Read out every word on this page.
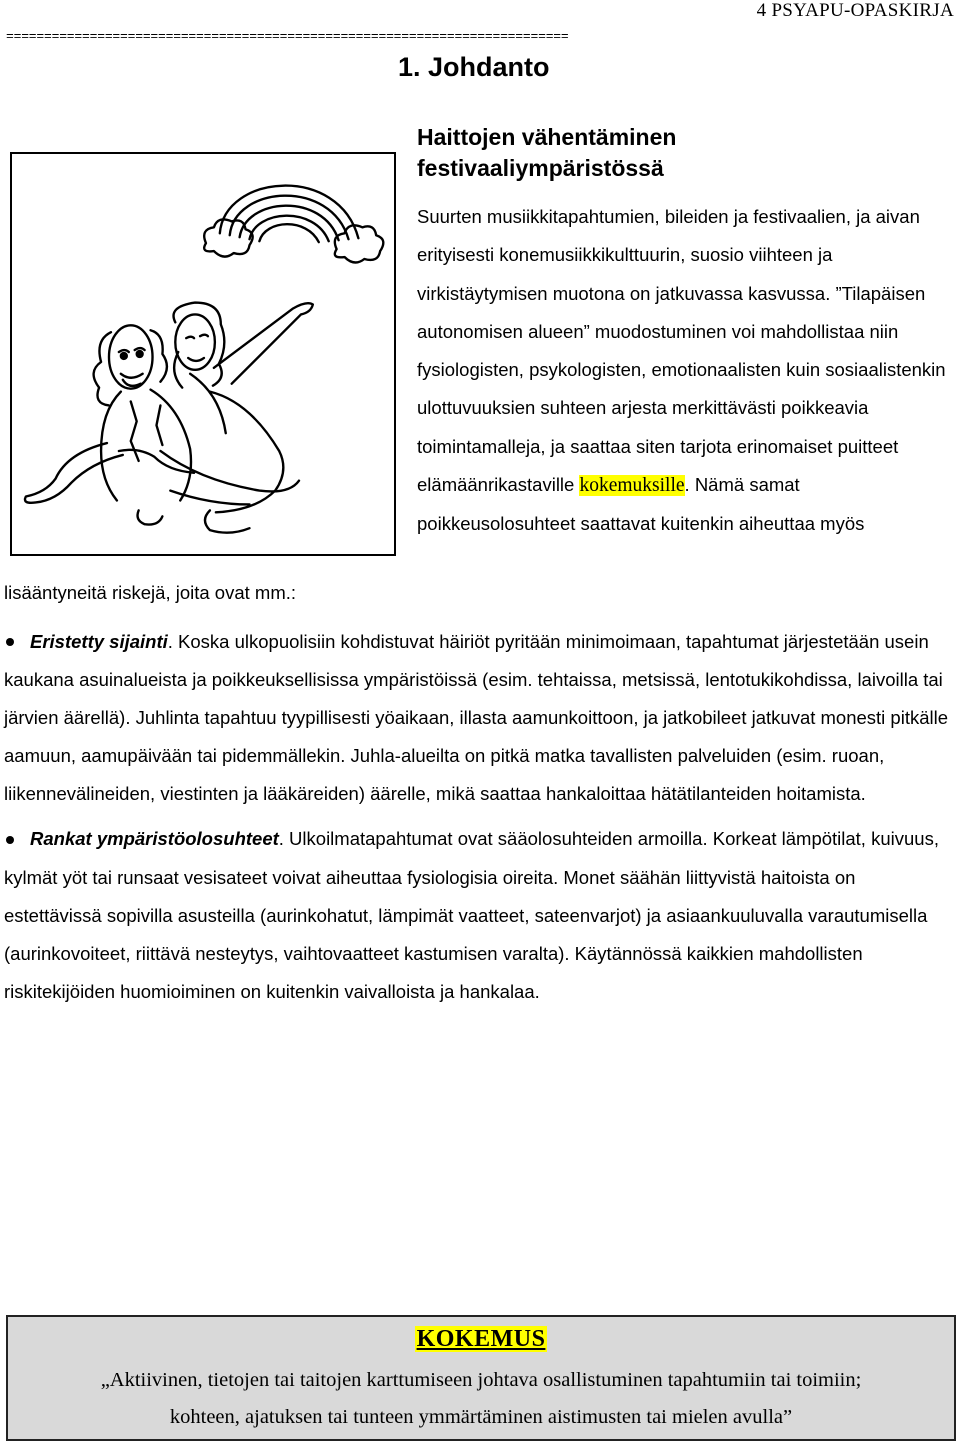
4 PSYAPU-OPASKIRJA
==========================================================================
1. Johdanto
Haittojen vähentäminen
festivaaliympäristössä

Suurten musiikkitapahtumien, bileiden ja festivaalien, ja aivan erityisesti konemusiikkikulttuurin, suosio viihteen ja virkistäytymisen muotona on jatkuvassa kasvussa. ”Tilapäisen autonomisen alueen” muodostuminen voi mahdollistaa niin fysiologisten, psykologisten, emotionaalisten kuin sosiaalistenkin ulottuvuuksien suhteen arjesta merkittävästi poikkeavia toimintamalleja, ja saattaa siten tarjota erinomaiset puitteet elämäänrikastaville kokemuksille. Nämä samat poikkeusolosuhteet saattavat kuitenkin aiheuttaa myös

lisääntyneitä riskejä, joita ovat mm.:

Eristetty sijainti. Koska ulkopuolisiin kohdistuvat häiriöt pyritään minimoimaan, tapahtumat järjestetään usein kaukana asuinalueista ja poikkeuksellisissa ympäristöissä (esim. tehtaissa, metsissä, lentotukikohdissa, laivoilla tai järvien äärellä). Juhlinta tapahtuu tyypillisesti yöaikaan, illasta aamunkoittoon, ja jatkobileet jatkuvat monesti pitkälle aamuun, aamupäivään tai pidemmällekin. Juhla-alueilta on pitkä matka tavallisten palveluiden (esim. ruoan, liikennevälineiden, viestinten ja lääkäreiden) äärelle, mikä saattaa hankaloittaa hätätilanteiden hoitamista.
Rankat ympäristöolosuhteet. Ulkoilmatapahtumat ovat sääolosuhteiden armoilla. Korkeat lämpötilat, kuivuus, kylmät yöt tai runsaat vesisateet voivat aiheuttaa fysiologisia oireita. Monet säähän liittyvistä haitoista on estettävissä sopivilla asusteilla (aurinkohatut, lämpimät vaatteet, sateenvarjot) ja asiaankuuluvalla varautumisella (aurinkovoiteet, riittävä nesteytys, vaihtovaatteet kastumisen varalta). Käytännössä kaikkien mahdollisten riskitekijöiden huomioiminen on kuitenkin vaivalloista ja hankalaa.
KOKEMUS

„Aktiivinen, tietojen tai taitojen karttumiseen johtava osallistuminen tapahtumiin tai toimiin;
kohteen, ajatuksen tai tunteen ymmärtäminen aistimusten tai mielen avulla”
